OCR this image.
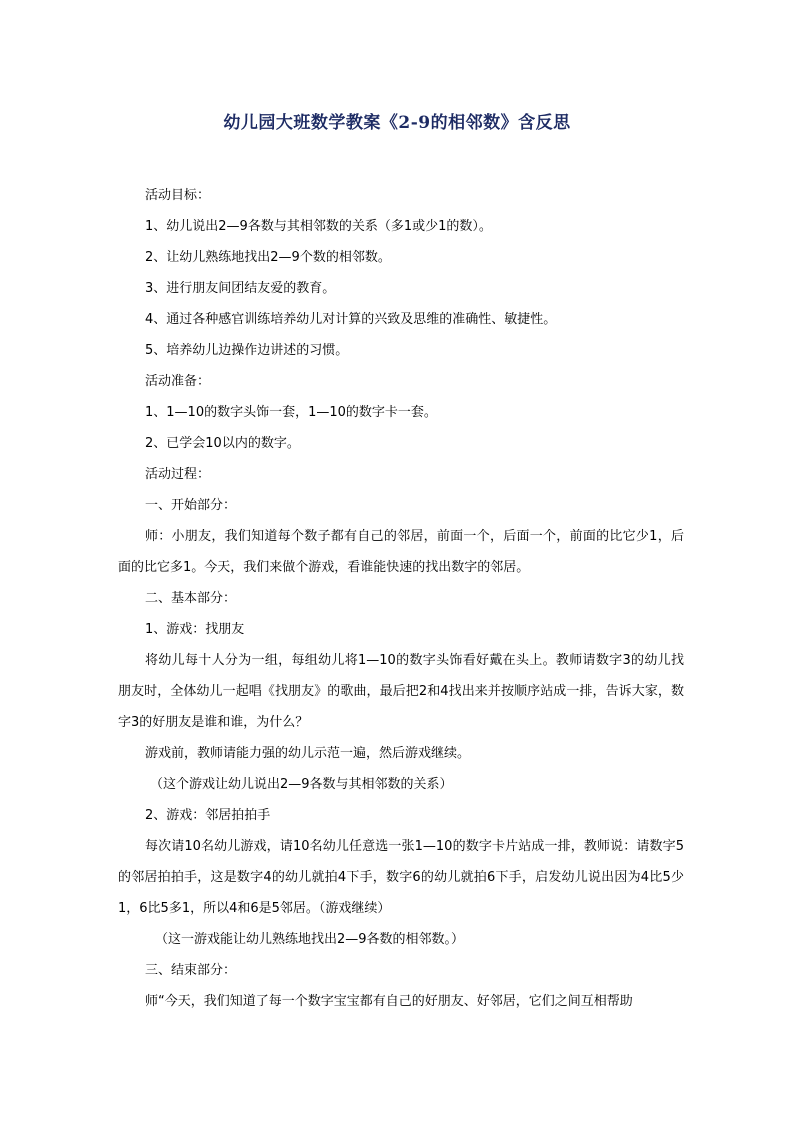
幼儿园大班数学教案《2-9的相邻数》含反思

活动目标：

1、幼儿说出2—9各数与其相邻数的关系（多1或少1的数）。

2、让幼儿熟练地找出2—9个数的相邻数。

3、进行朋友间团结友爱的教育。

4、通过各种感官训练培养幼儿对计算的兴致及思维的准确性、敏捷性。

5、培养幼儿边操作边讲述的习惯。

活动准备：

1、1—10的数字头饰一套，1—10的数字卡一套。

2、已学会10以内的数字。

活动过程：

一、开始部分：

师：小朋友，我们知道每个数子都有自己的邻居，前面一个，后面一个，前面的比它少1，后面的比它多1。今天，我们来做个游戏，看谁能快速的找出数字的邻居。

二、基本部分：

1、游戏：找朋友

将幼儿每十人分为一组，每组幼儿将1—10的数字头饰看好戴在头上。教师请数字3的幼儿找朋友时，全体幼儿一起唱《找朋友》的歌曲，最后把2和4找出来并按顺序站成一排，告诉大家，数字3的好朋友是谁和谁，为什么？

游戏前，教师请能力强的幼儿示范一遍，然后游戏继续。

（这个游戏让幼儿说出2—9各数与其相邻数的关系）

2、游戏：邻居拍拍手

每次请10名幼儿游戏，请10名幼儿任意选一张1—10的数字卡片站成一排，教师说：请数字5的邻居拍拍手，这是数字4的幼儿就拍4下手，数字6的幼儿就拍6下手，启发幼儿说出因为4比5少1，6比5多1，所以4和6是5邻居。（游戏继续）

（这一游戏能让幼儿熟练地找出2—9各数的相邻数。）

三、结束部分：

师“今天，我们知道了每一个数字宝宝都有自己的好朋友、好邻居，它们之间互相帮助
